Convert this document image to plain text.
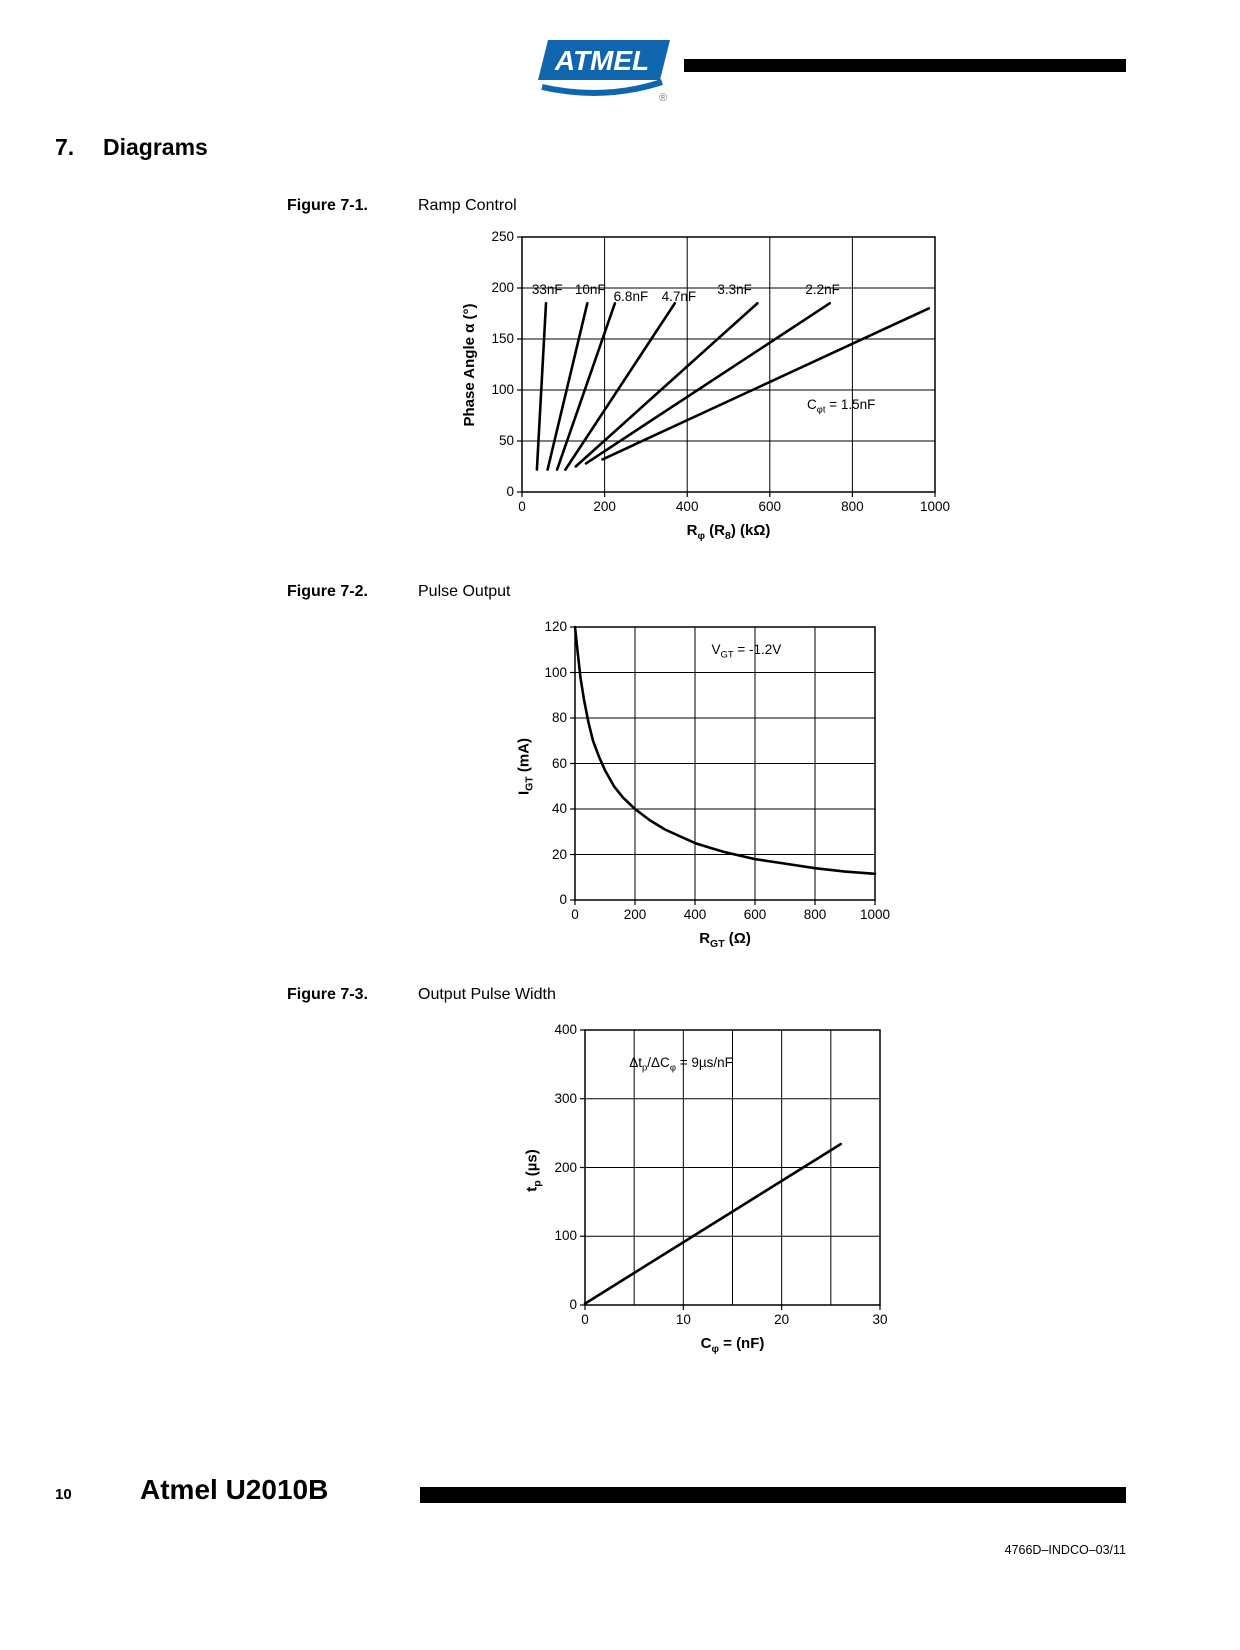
ATMEL
®
7.	Diagrams
Figure 7-1.	Ramp Control
Figure 7-2.	Pulse Output
Figure 7-3.	Output Pulse Width
10 Atmel U2010B
4766D–INDCO–03/11
0	200	400	600	800	1000
0
50
100
150
200
250
$R_\varphi$ $(R_8)$ (kΩ)
Phase Angle α (°)
33nF 10nF 6.8nF 4.7nF 3.3nF	2.2nF
$C_{\varphi t} = 1.5nF$
0	200	400	600	800	1000
0
20
40
60
80
100
120
$R_{GT}$ (Ω)
$I_{GT}$ (mA)
$V_{GT} = -1.2V$
0	10	20	30
0
100
200
300
400
$C_\varphi = (nF)$
$t_p$ (µs)
$\Delta t_p/\Delta C_\varphi = 9\mu s/nF$
